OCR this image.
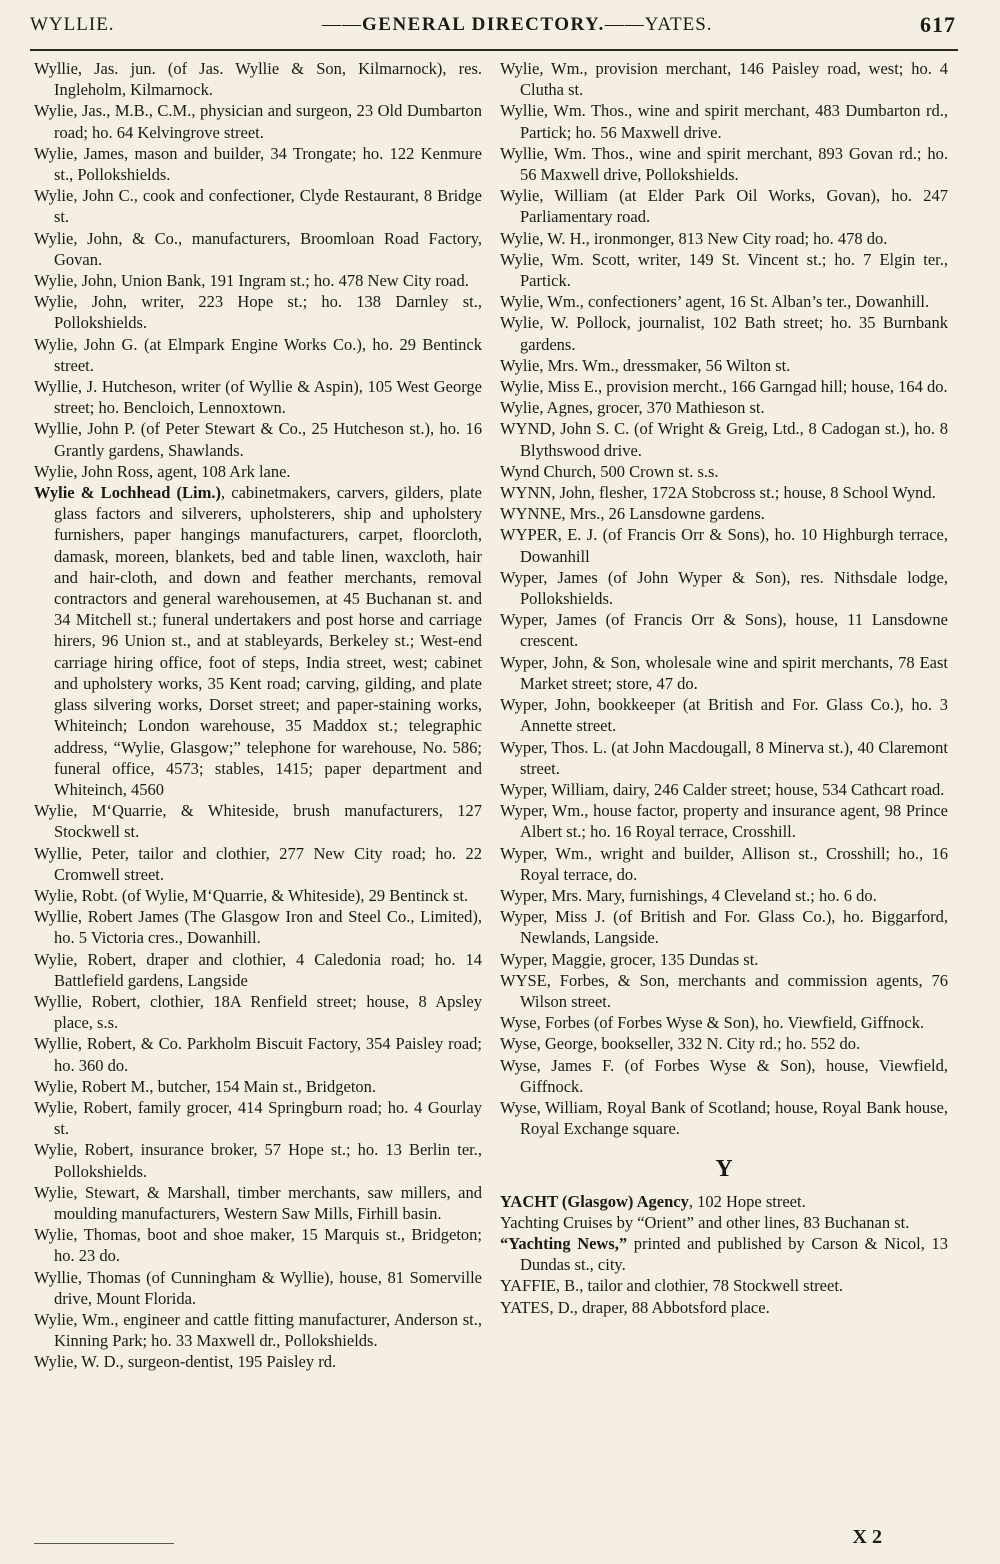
WYLLIE.	——GENERAL DIRECTORY.——YATES.	617

Wyllie, Jas. jun. (of Jas. Wyllie & Son, Kilmarnock), res. Ingleholm, Kilmarnock.

Wylie, Jas., M.B., C.M., physician and surgeon, 23 Old Dumbarton road; ho. 64 Kelvingrove street.

Wylie, James, mason and builder, 34 Trongate; ho. 122 Kenmure st., Pollokshields.

Wylie, John C., cook and confectioner, Clyde Restaurant, 8 Bridge st.

Wylie, John, & Co., manufacturers, Broomloan Road Factory, Govan.

Wylie, John, Union Bank, 191 Ingram st.; ho. 478 New City road.

Wylie, John, writer, 223 Hope st.; ho. 138 Darnley st., Pollokshields.

Wylie, John G. (at Elmpark Engine Works Co.), ho. 29 Bentinck street.

Wyllie, J. Hutcheson, writer (of Wyllie & Aspin), 105 West George street; ho. Bencloich, Lennoxtown.

Wyllie, John P. (of Peter Stewart & Co., 25 Hutcheson st.), ho. 16 Grantly gardens, Shawlands.

Wylie, John Ross, agent, 108 Ark lane.

Wylie & Lochhead (Lim.), cabinetmakers, carvers, gilders, plate glass factors and silverers, upholsterers, ship and upholstery furnishers, paper hangings manufacturers, carpet, floorcloth, damask, moreen, blankets, bed and table linen, waxcloth, hair and hair-cloth, and down and feather merchants, removal contractors and general warehousemen, at 45 Buchanan st. and 34 Mitchell st.; funeral undertakers and post horse and carriage hirers, 96 Union st., and at stableyards, Berkeley st.; West-end carriage hiring office, foot of steps, India street, west; cabinet and upholstery works, 35 Kent road; carving, gilding, and plate glass silvering works, Dorset street; and paper-staining works, Whiteinch; London warehouse, 35 Maddox st.; telegraphic address, “Wylie, Glasgow;” telephone for warehouse, No. 586; funeral office, 4573; stables, 1415; paper department and Whiteinch, 4560

Wylie, M‘Quarrie, & Whiteside, brush manufacturers, 127 Stockwell st.

Wyllie, Peter, tailor and clothier, 277 New City road; ho. 22 Cromwell street.

Wylie, Robt. (of Wylie, M‘Quarrie, & Whiteside), 29 Bentinck st.

Wyllie, Robert James (The Glasgow Iron and Steel Co., Limited), ho. 5 Victoria cres., Dowanhill.

Wylie, Robert, draper and clothier, 4 Caledonia road; ho. 14 Battlefield gardens, Langside

Wyllie, Robert, clothier, 18A Renfield street; house, 8 Apsley place, s.s.

Wyllie, Robert, & Co. Parkholm Biscuit Factory, 354 Paisley road; ho. 360 do.

Wylie, Robert M., butcher, 154 Main st., Bridgeton.

Wylie, Robert, family grocer, 414 Springburn road; ho. 4 Gourlay st.

Wylie, Robert, insurance broker, 57 Hope st.; ho. 13 Berlin ter., Pollokshields.

Wylie, Stewart, & Marshall, timber merchants, saw millers, and moulding manufacturers, Western Saw Mills, Firhill basin.

Wylie, Thomas, boot and shoe maker, 15 Marquis st., Bridgeton; ho. 23 do.

Wyllie, Thomas (of Cunningham & Wyllie), house, 81 Somerville drive, Mount Florida.

Wylie, Wm., engineer and cattle fitting manufacturer, Anderson st., Kinning Park; ho. 33 Maxwell dr., Pollokshields.

Wylie, W. D., surgeon-dentist, 195 Paisley rd.

Wylie, Wm., provision merchant, 146 Paisley road, west; ho. 4 Clutha st.

Wyllie, Wm. Thos., wine and spirit merchant, 483 Dumbarton rd., Partick; ho. 56 Maxwell drive.

Wyllie, Wm. Thos., wine and spirit merchant, 893 Govan rd.; ho. 56 Maxwell drive, Pollokshields.

Wylie, William (at Elder Park Oil Works, Govan), ho. 247 Parliamentary road.

Wylie, W. H., ironmonger, 813 New City road; ho. 478 do.

Wylie, Wm. Scott, writer, 149 St. Vincent st.; ho. 7 Elgin ter., Partick.

Wylie, Wm., confectioners’ agent, 16 St. Alban’s ter., Dowanhill.

Wylie, W. Pollock, journalist, 102 Bath street; ho. 35 Burnbank gardens.

Wylie, Mrs. Wm., dressmaker, 56 Wilton st.

Wylie, Miss E., provision mercht., 166 Garngad hill; house, 164 do.

Wylie, Agnes, grocer, 370 Mathieson st.

WYND, John S. C. (of Wright & Greig, Ltd., 8 Cadogan st.), ho. 8 Blythswood drive.

Wynd Church, 500 Crown st. s.s.

WYNN, John, flesher, 172A Stobcross st.; house, 8 School Wynd.

WYNNE, Mrs., 26 Lansdowne gardens.

WYPER, E. J. (of Francis Orr & Sons), ho. 10 Highburgh terrace, Dowanhill

Wyper, James (of John Wyper & Son), res. Nithsdale lodge, Pollokshields.

Wyper, James (of Francis Orr & Sons), house, 11 Lansdowne crescent.

Wyper, John, & Son, wholesale wine and spirit merchants, 78 East Market street; store, 47 do.

Wyper, John, bookkeeper (at British and For. Glass Co.), ho. 3 Annette street.

Wyper, Thos. L. (at John Macdougall, 8 Minerva st.), 40 Claremont street.

Wyper, William, dairy, 246 Calder street; house, 534 Cathcart road.

Wyper, Wm., house factor, property and insurance agent, 98 Prince Albert st.; ho. 16 Royal terrace, Crosshill.

Wyper, Wm., wright and builder, Allison st., Crosshill; ho., 16 Royal terrace, do.

Wyper, Mrs. Mary, furnishings, 4 Cleveland st.; ho. 6 do.

Wyper, Miss J. (of British and For. Glass Co.), ho. Biggarford, Newlands, Langside.

Wyper, Maggie, grocer, 135 Dundas st.

WYSE, Forbes, & Son, merchants and commission agents, 76 Wilson street.

Wyse, Forbes (of Forbes Wyse & Son), ho. Viewfield, Giffnock.

Wyse, George, bookseller, 332 N. City rd.; ho. 552 do.

Wyse, James F. (of Forbes Wyse & Son), house, Viewfield, Giffnock.

Wyse, William, Royal Bank of Scotland; house, Royal Bank house, Royal Exchange square.

Y

YACHT (Glasgow) Agency, 102 Hope street.

Yachting Cruises by “Orient” and other lines, 83 Buchanan st.

“Yachting News,” printed and published by Carson & Nicol, 13 Dundas st., city.

YAFFIE, B., tailor and clothier, 78 Stockwell street.

YATES, D., draper, 88 Abbotsford place.

X 2
